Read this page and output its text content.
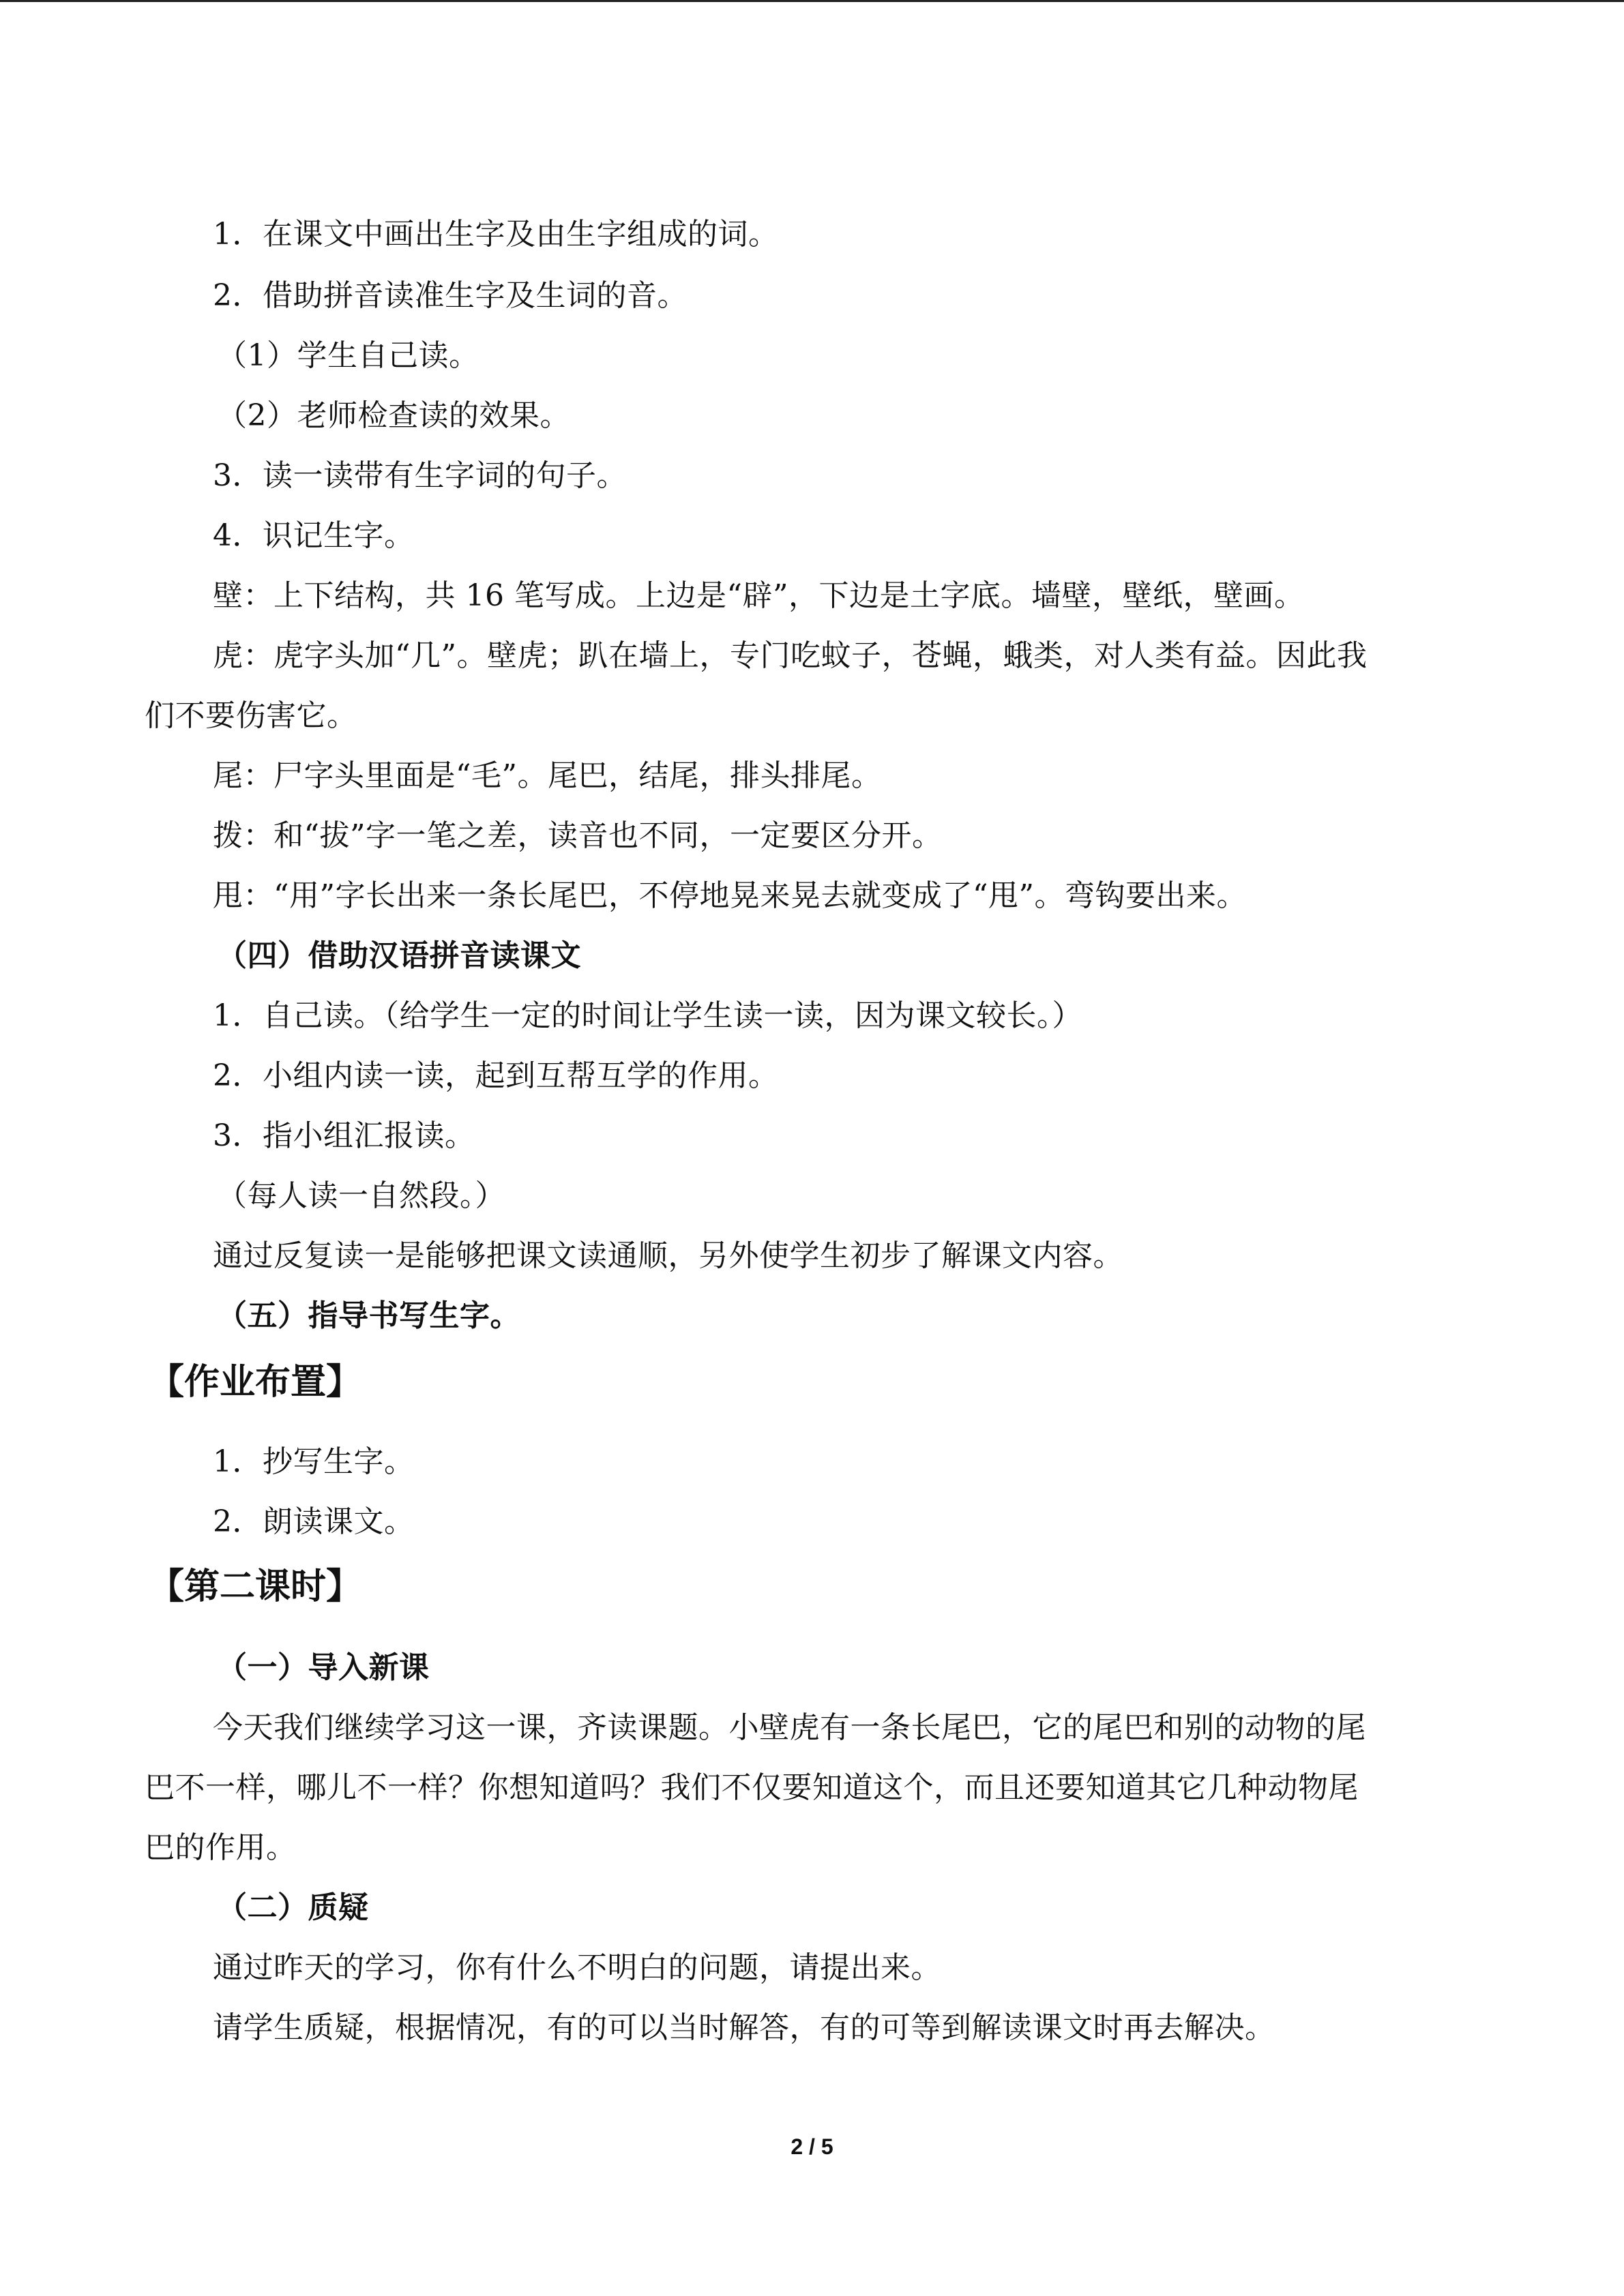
1．在课文中画出生字及由生字组成的词。
2．借助拼音读准生字及生词的音。
（1）学生自己读。
（2）老师检查读的效果。
3．读一读带有生字词的句子。
4．识记生字。
壁：上下结构，共 16 笔写成。上边是“辟”，下边是土字底。墙壁，壁纸，壁画。
虎：虎字头加“几”。壁虎；趴在墙上，专门吃蚊子，苍蝇，蛾类，对人类有益。因此我
们不要伤害它。
尾：尸字头里面是“毛”。尾巴，结尾，排头排尾。
拨：和“拔”字一笔之差，读音也不同，一定要区分开。
甩：“用”字长出来一条长尾巴，不停地晃来晃去就变成了“甩”。弯钩要出来。
（四）借助汉语拼音读课文
1．自己读。（给学生一定的时间让学生读一读，因为课文较长。）
2．小组内读一读，起到互帮互学的作用。
3．指小组汇报读。
（每人读一自然段。）
通过反复读一是能够把课文读通顺，另外使学生初步了解课文内容。
（五）指导书写生字。
【作业布置】
1．抄写生字。
2．朗读课文。
【第二课时】
（一）导入新课
今天我们继续学习这一课，齐读课题。小壁虎有一条长尾巴，它的尾巴和别的动物的尾
巴不一样，哪儿不一样？你想知道吗？我们不仅要知道这个，而且还要知道其它几种动物尾
巴的作用。
（二）质疑
通过昨天的学习，你有什么不明白的问题，请提出来。
请学生质疑，根据情况，有的可以当时解答，有的可等到解读课文时再去解决。
2 / 5
